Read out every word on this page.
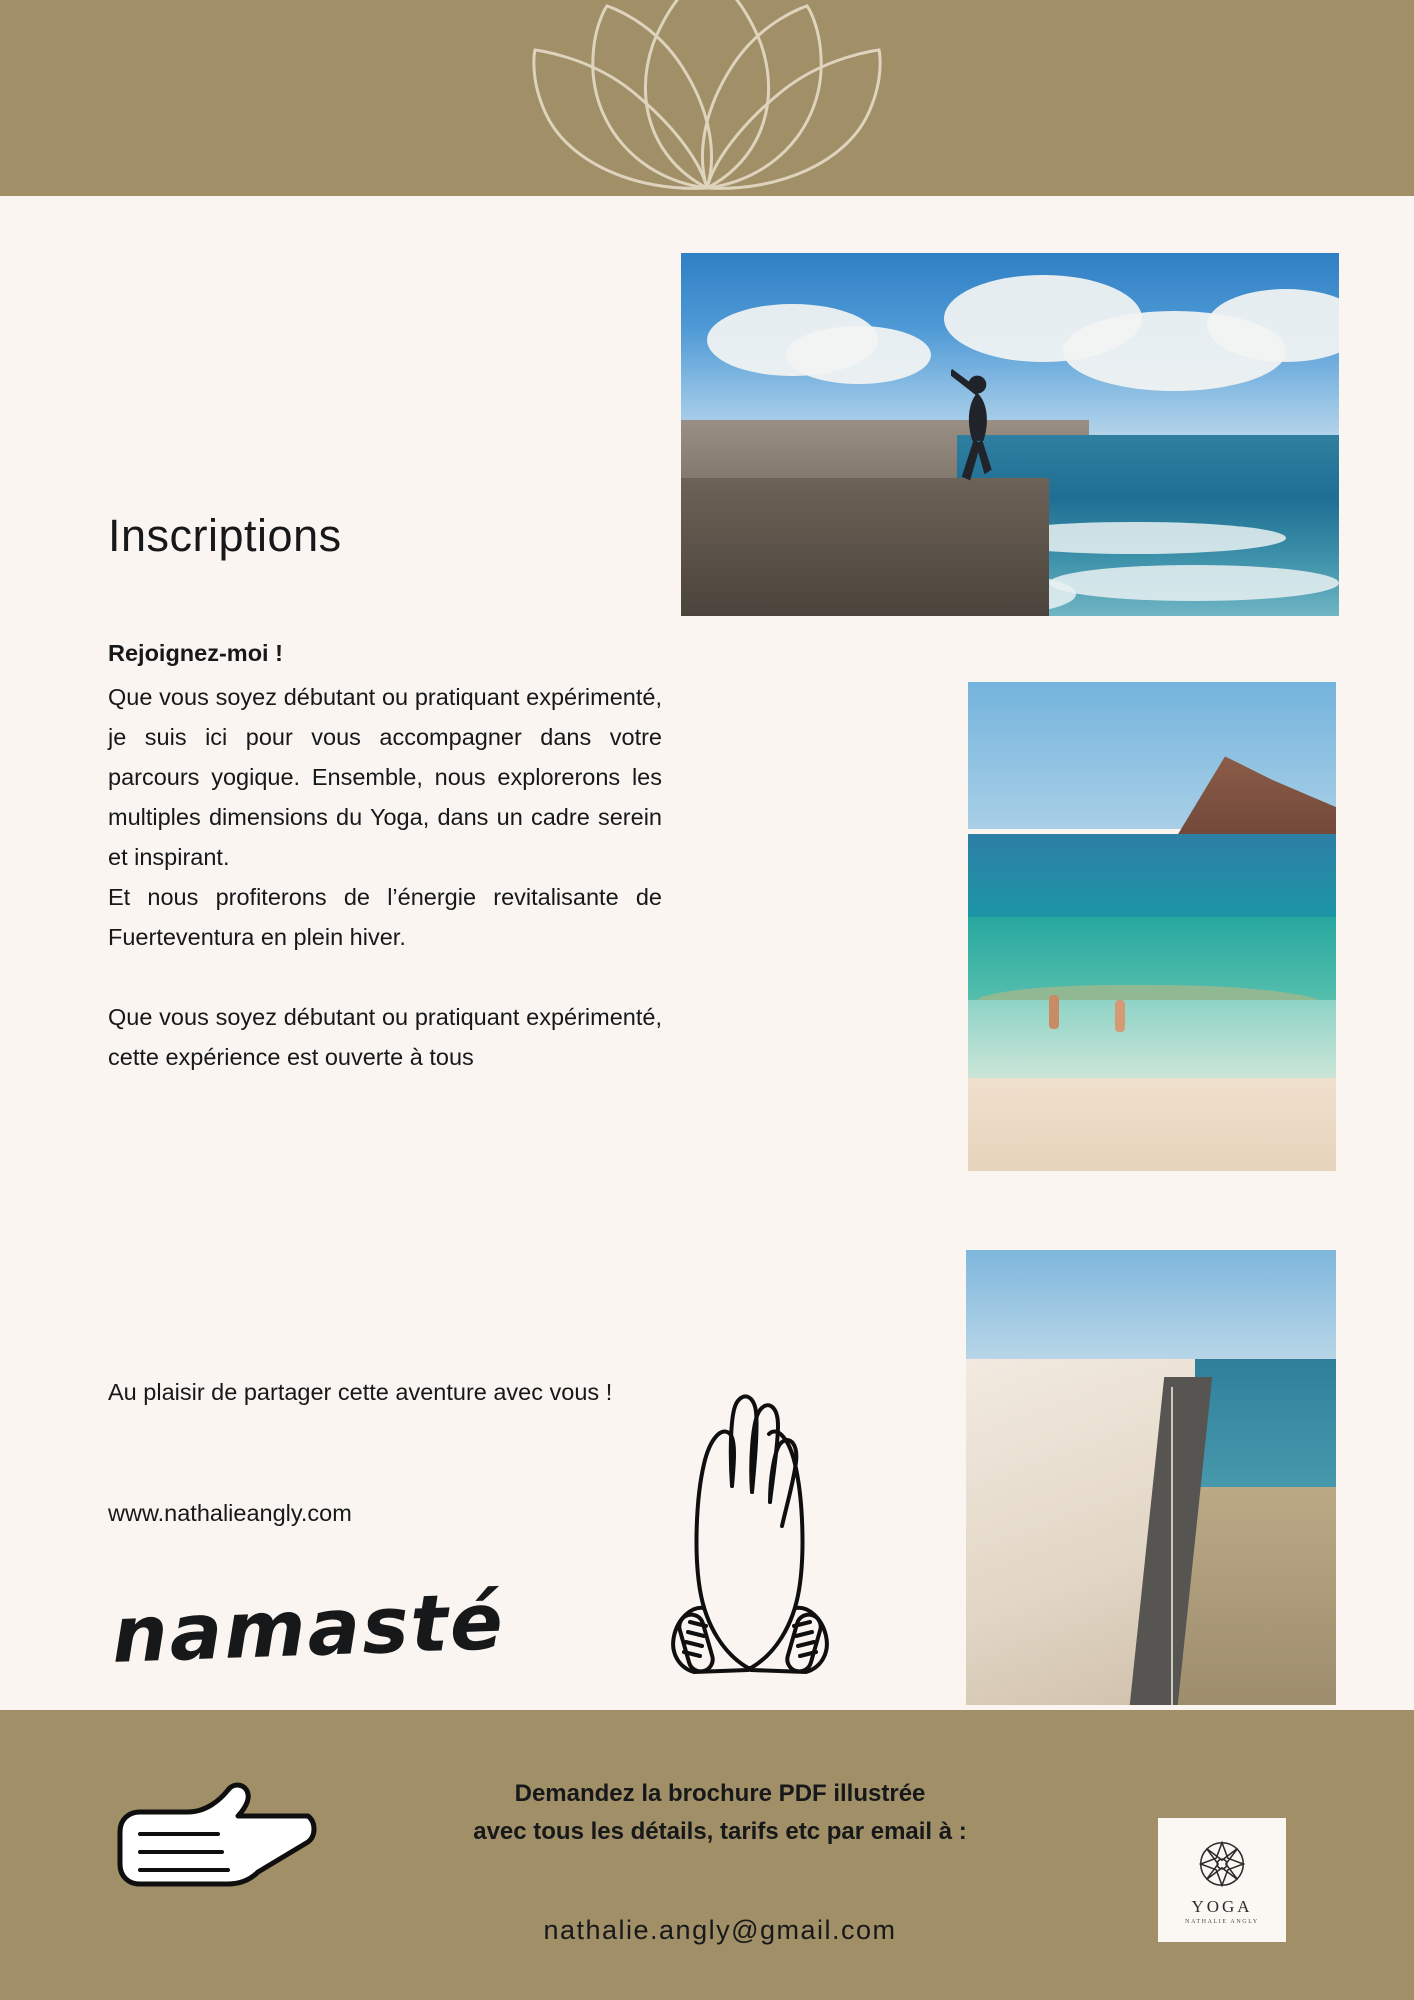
Inscriptions
Rejoignez-moi !
Que vous soyez débutant ou pratiquant expérimenté, je suis ici pour vous accompagner dans votre parcours yogique. Ensemble, nous explorerons les multiples dimensions du Yoga, dans un cadre serein et inspirant.
Et nous profiterons de l’énergie revitalisante de Fuerteventura en plein hiver.
Que vous soyez débutant ou pratiquant expérimenté, cette expérience est ouverte à tous
Au plaisir de partager cette aventure avec vous !
www.nathalieangly.com
namasté
Demandez la brochure PDF illustrée
avec tous les détails, tarifs etc par email à :
nathalie.angly@gmail.com
YOGA
NATHALIE ANGLY
